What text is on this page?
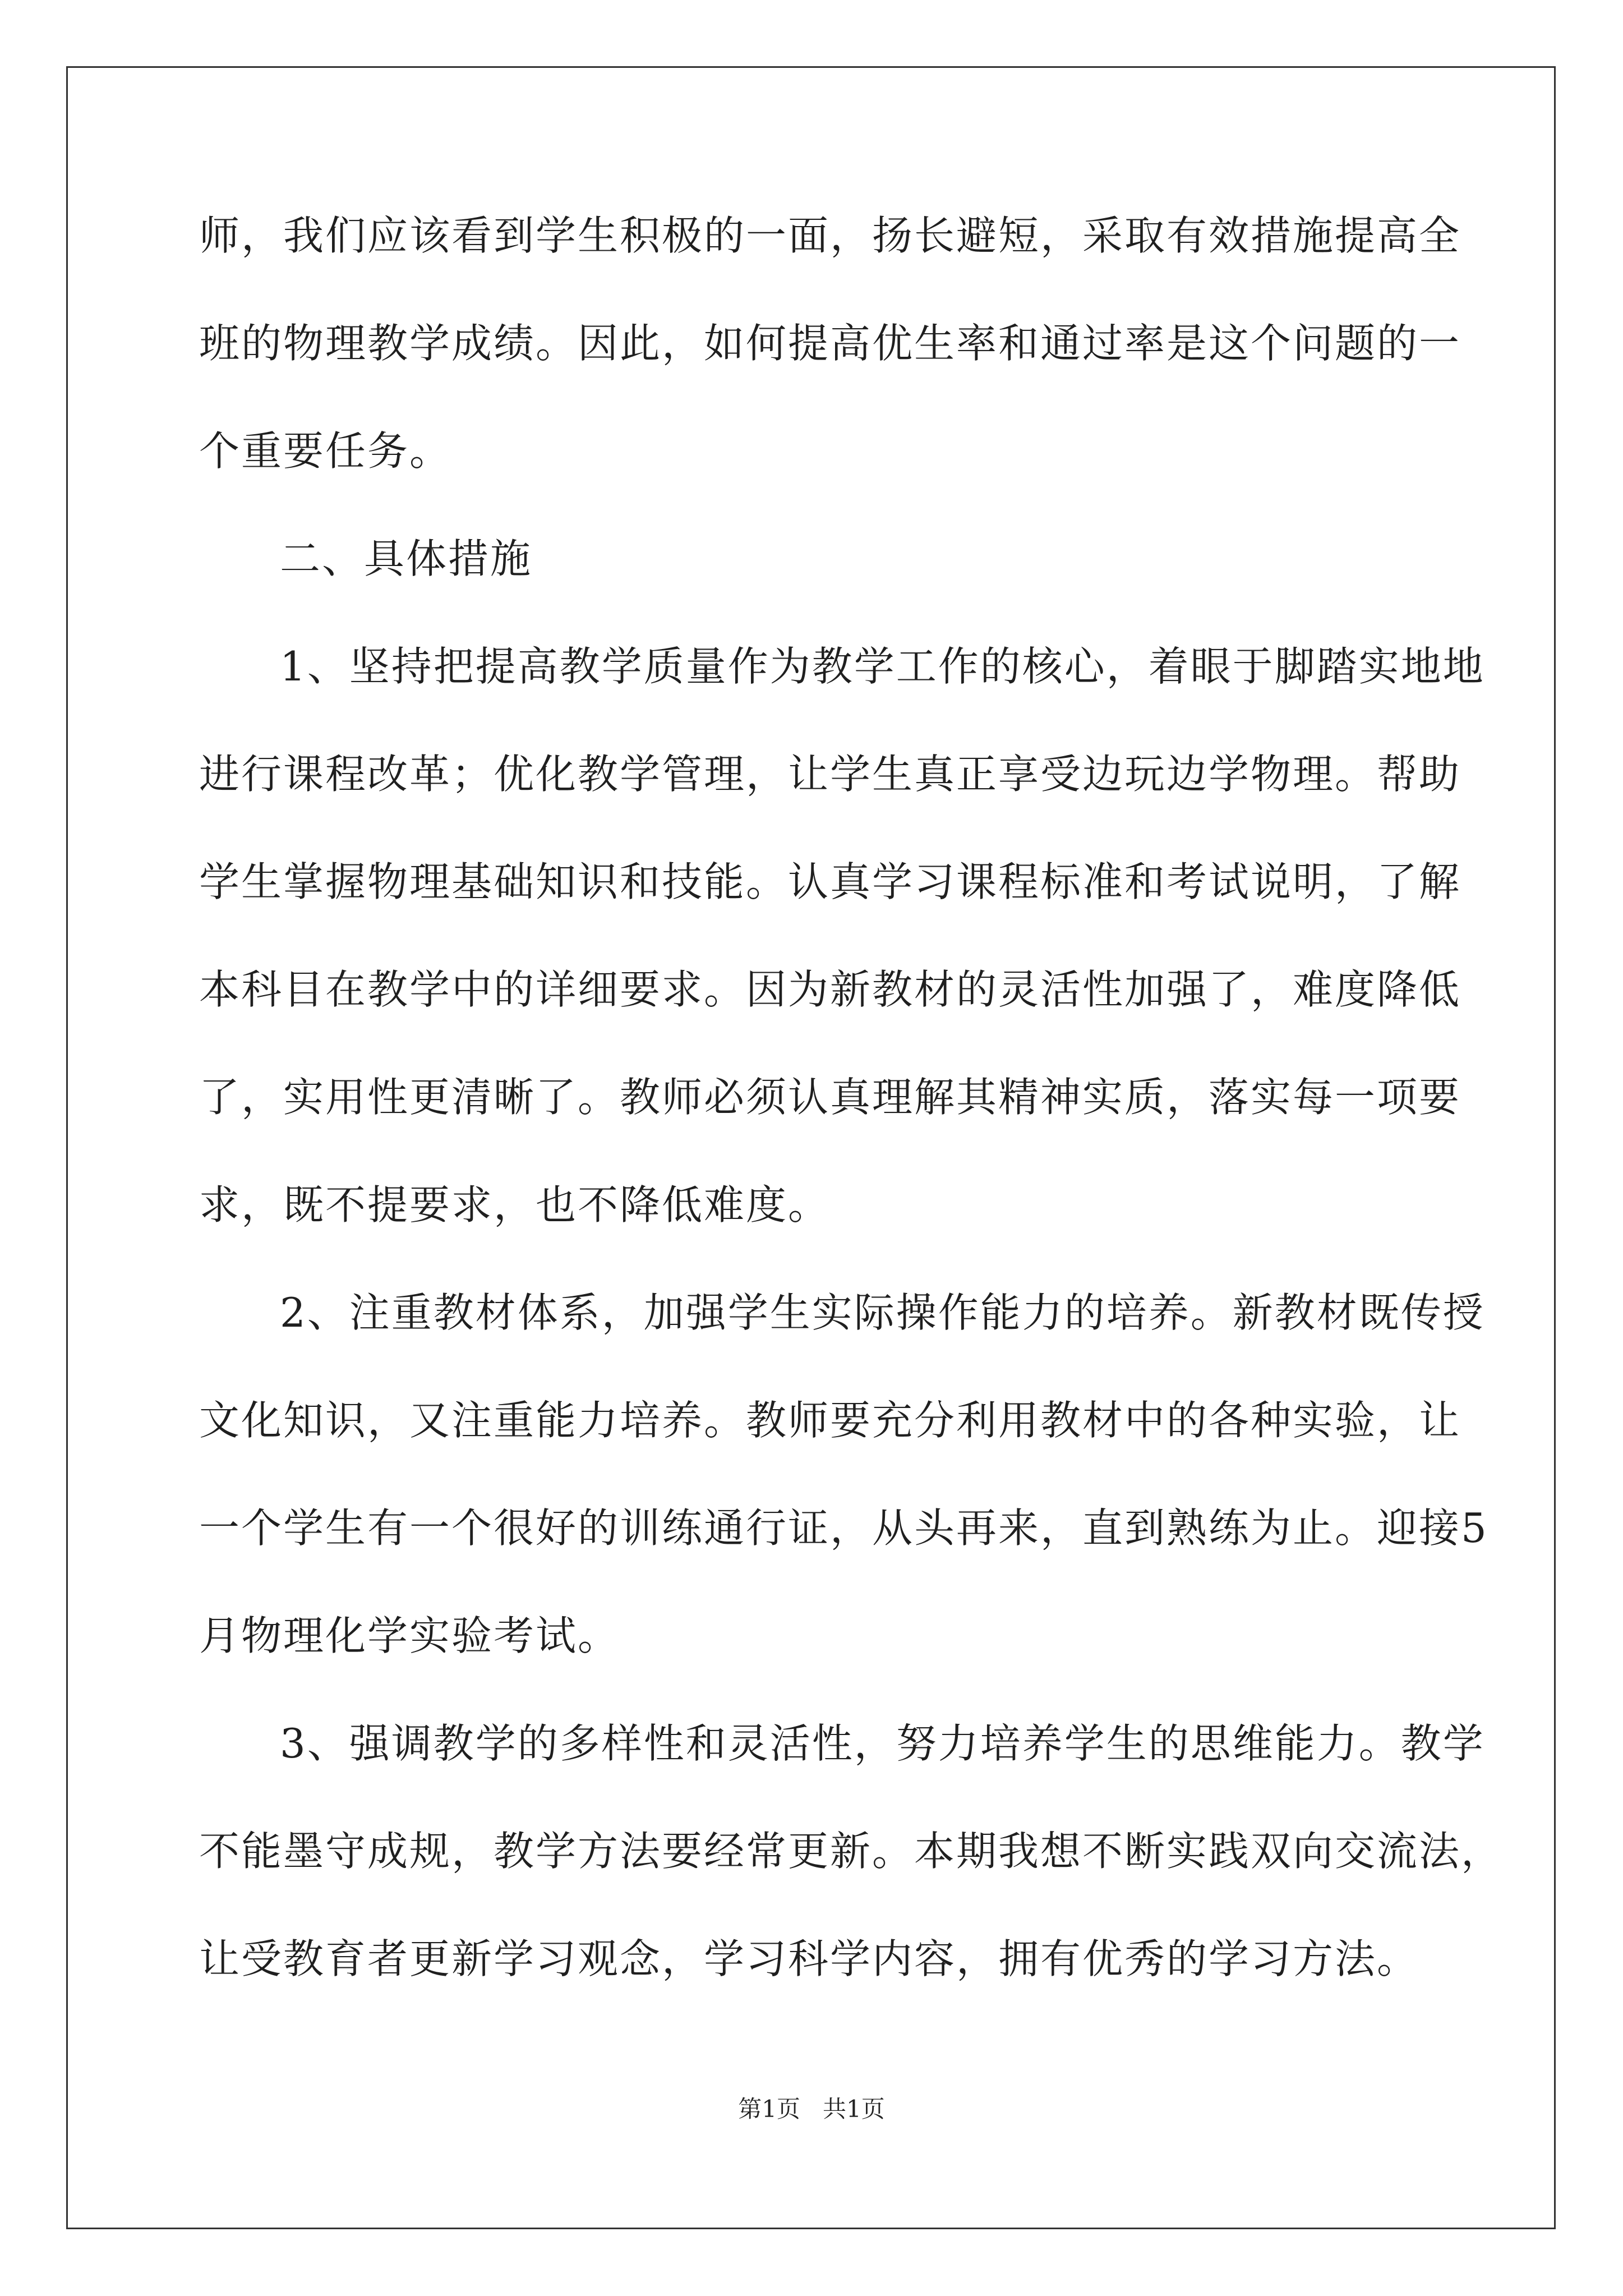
师，我们应该看到学生积极的一面，扬长避短，采取有效措施提高全
班的物理教学成绩。因此，如何提高优生率和通过率是这个问题的一
个重要任务。
二、具体措施
1、坚持把提高教学质量作为教学工作的核心，着眼于脚踏实地地
进行课程改革；优化教学管理，让学生真正享受边玩边学物理。帮助
学生掌握物理基础知识和技能。认真学习课程标准和考试说明，了解
本科目在教学中的详细要求。因为新教材的灵活性加强了，难度降低
了，实用性更清晰了。教师必须认真理解其精神实质，落实每一项要
求，既不提要求，也不降低难度。
2、注重教材体系，加强学生实际操作能力的培养。新教材既传授
文化知识，又注重能力培养。教师要充分利用教材中的各种实验，让
一个学生有一个很好的训练通行证，从头再来，直到熟练为止。迎接5
月物理化学实验考试。
3、强调教学的多样性和灵活性，努力培养学生的思维能力。教学
不能墨守成规，教学方法要经常更新。本期我想不断实践双向交流法，
让受教育者更新学习观念，学习科学内容，拥有优秀的学习方法。
第1页   共1页
